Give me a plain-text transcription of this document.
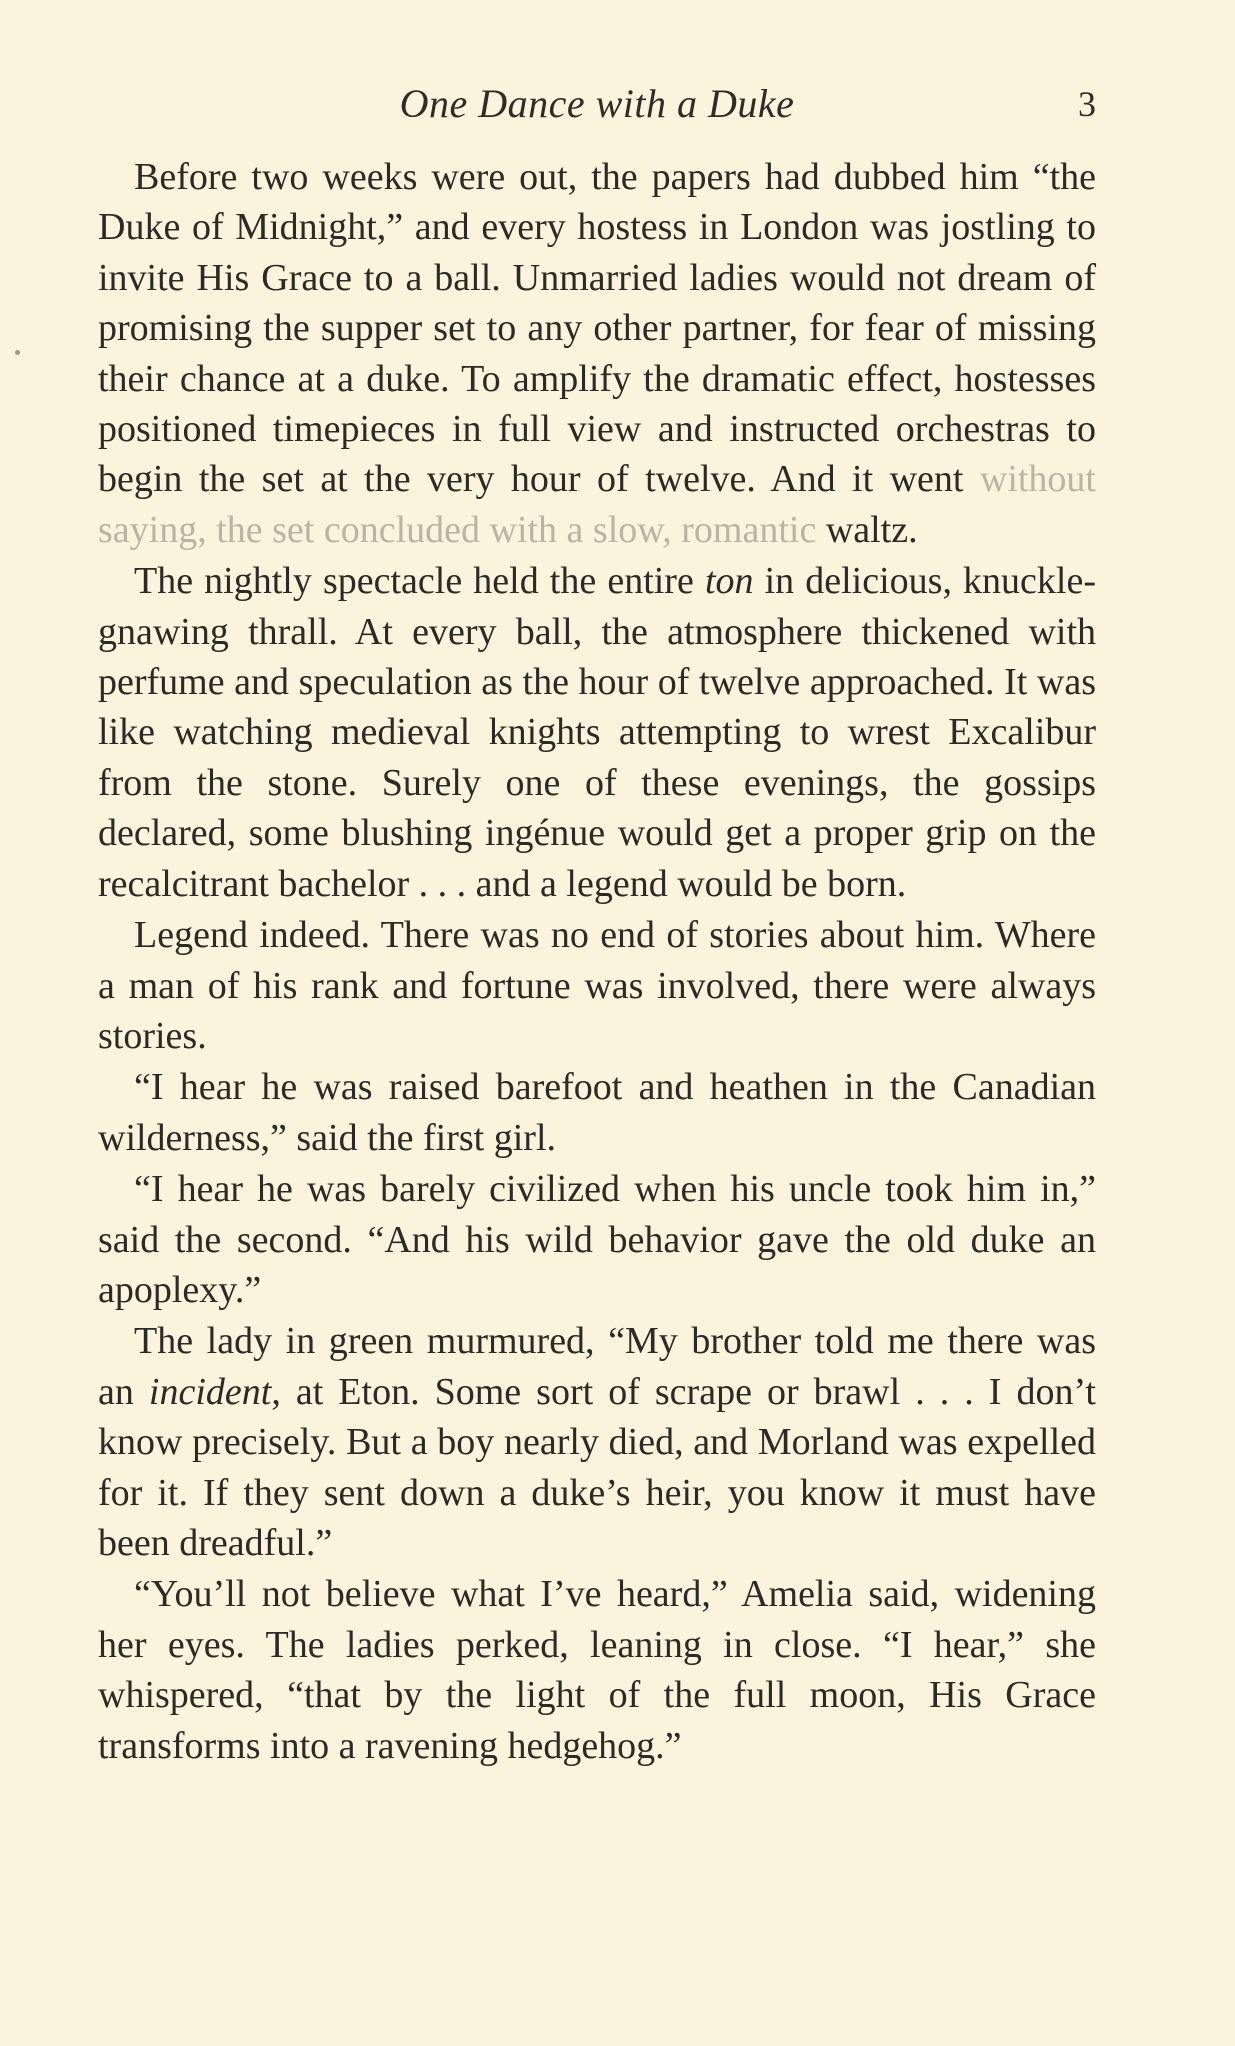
One Dance with a Duke	3

Before two weeks were out, the papers had dubbed him “the Duke of Midnight,” and every hostess in London was jostling to invite His Grace to a ball. Unmarried ladies would not dream of promising the supper set to any other partner, for fear of missing their chance at a duke. To amplify the dramatic effect, hostesses positioned timepieces in full view and instructed orchestras to begin the set at the very hour of twelve. And it went without saying, the set concluded with a slow, romantic waltz.

The nightly spectacle held the entire ton in delicious, knuckle-gnawing thrall. At every ball, the atmosphere thickened with perfume and speculation as the hour of twelve approached. It was like watching medieval knights attempting to wrest Excalibur from the stone. Surely one of these evenings, the gossips declared, some blushing ingénue would get a proper grip on the recalcitrant bachelor . . . and a legend would be born.

Legend indeed. There was no end of stories about him. Where a man of his rank and fortune was involved, there were always stories.

“I hear he was raised barefoot and heathen in the Canadian wilderness,” said the first girl.

“I hear he was barely civilized when his uncle took him in,” said the second. “And his wild behavior gave the old duke an apoplexy.”

The lady in green murmured, “My brother told me there was an incident, at Eton. Some sort of scrape or brawl . . . I don’t know precisely. But a boy nearly died, and Morland was expelled for it. If they sent down a duke’s heir, you know it must have been dreadful.”

“You’ll not believe what I’ve heard,” Amelia said, widening her eyes. The ladies perked, leaning in close. “I hear,” she whispered, “that by the light of the full moon, His Grace transforms into a ravening hedgehog.”
